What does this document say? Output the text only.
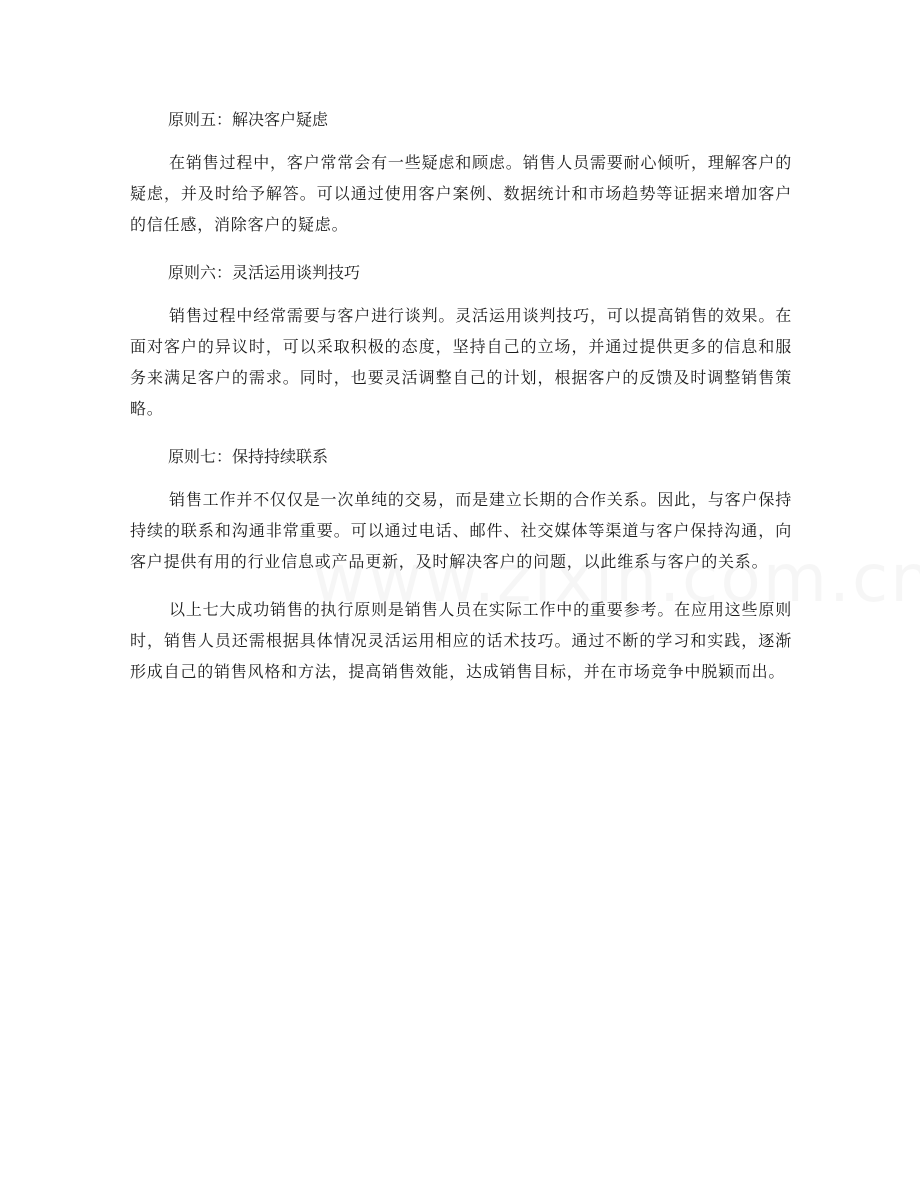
原则五：解决客户疑虑

在销售过程中，客户常常会有一些疑虑和顾虑。销售人员需要耐心倾听，理解客户的疑虑，并及时给予解答。可以通过使用客户案例、数据统计和市场趋势等证据来增加客户的信任感，消除客户的疑虑。

原则六：灵活运用谈判技巧

销售过程中经常需要与客户进行谈判。灵活运用谈判技巧，可以提高销售的效果。在面对客户的异议时，可以采取积极的态度，坚持自己的立场，并通过提供更多的信息和服务来满足客户的需求。同时，也要灵活调整自己的计划，根据客户的反馈及时调整销售策略。

原则七：保持持续联系

销售工作并不仅仅是一次单纯的交易，而是建立长期的合作关系。因此，与客户保持持续的联系和沟通非常重要。可以通过电话、邮件、社交媒体等渠道与客户保持沟通，向客户提供有用的行业信息或产品更新，及时解决客户的问题，以此维系与客户的关系。

以上七大成功销售的执行原则是销售人员在实际工作中的重要参考。在应用这些原则时，销售人员还需根据具体情况灵活运用相应的话术技巧。通过不断的学习和实践，逐渐形成自己的销售风格和方法，提高销售效能，达成销售目标，并在市场竞争中脱颖而出。
